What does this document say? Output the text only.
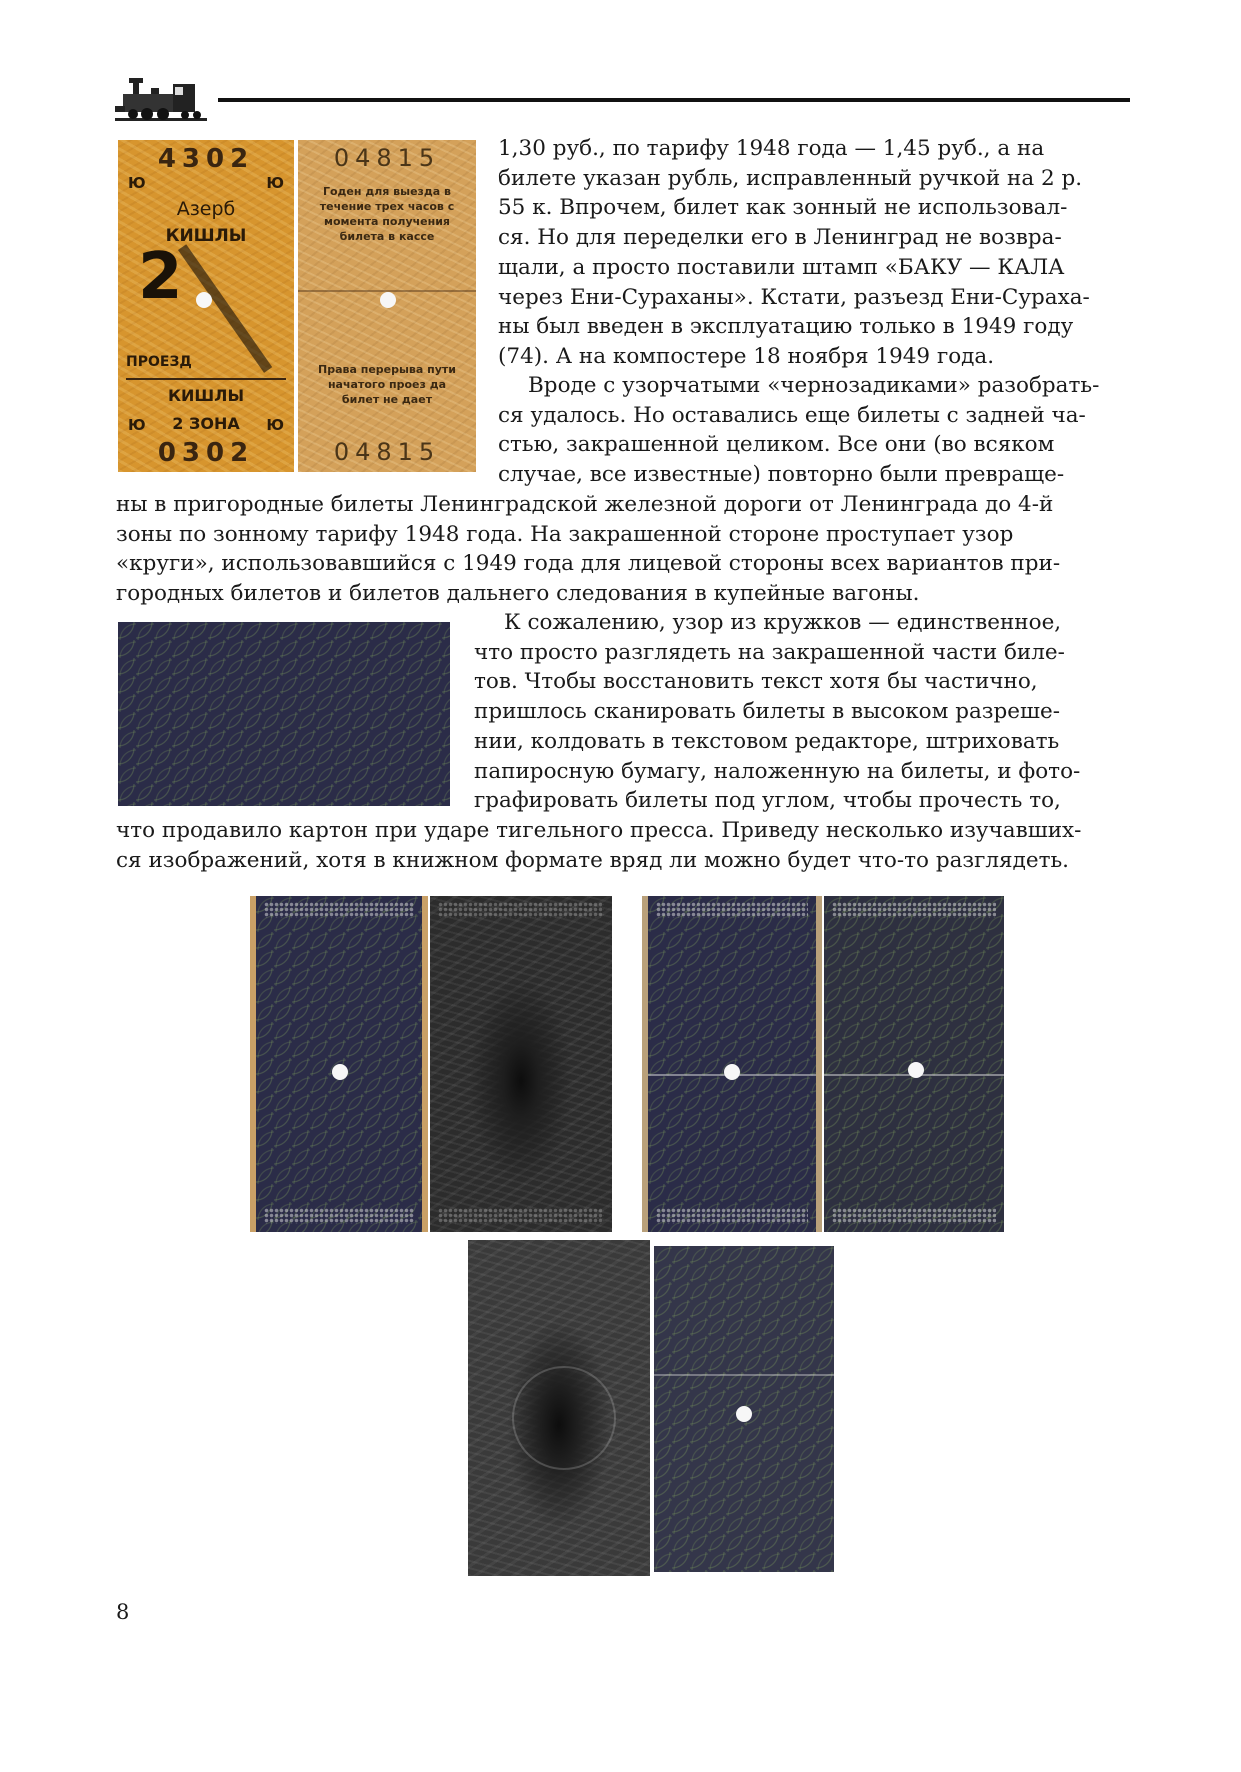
4302
Ю	Ю
Азерб
КИШЛЫ
2
ПРОЕЗД
КИШЛЫ
Ю	2 ЗОНА	Ю
0302
04815
Годен для выезда в течение трех часов с момента получения билета в кассе
Права перерыва пути начатого проез да билет не дает
04815
1,30 руб., по тарифу 1948 года — 1,45 руб., а на
билете указан рубль, исправленный ручкой на 2 р.
55 к. Впрочем, билет как зонный не использовал-
ся. Но для переделки его в Ленинград не возвра-
щали, а просто поставили штамп «БАКУ — КАЛА
через Ени-Сураханы». Кстати, разъезд Ени-Сураха-
ны был введен в эксплуатацию только в 1949 году
(74). А на компостере 18 ноября 1949 года.
Вроде с узорчатыми «чернозадиками» разобрать-
ся удалось. Но оставались еще билеты с задней ча-
стью, закрашенной целиком. Все они (во всяком
случае, все известные) повторно были превраще-
ны в пригородные билеты Ленинградской железной дороги от Ленинграда до 4-й
зоны по зонному тарифу 1948 года. На закрашенной стороне проступает узор
«круги», использовавшийся с 1949 года для лицевой стороны всех вариантов при-
городных билетов и билетов дальнего следования в купейные вагоны.
К сожалению, узор из кружков — единственное,
что просто разглядеть на закрашенной части биле-
тов. Чтобы восстановить текст хотя бы частично,
пришлось сканировать билеты в высоком разреше-
нии, колдовать в текстовом редакторе, штриховать
папиросную бумагу, наложенную на билеты, и фото-
графировать билеты под углом, чтобы прочесть то,
что продавило картон при ударе тигельного пресса. Приведу несколько изучавших-
ся изображений, хотя в книжном формате вряд ли можно будет что-то разглядеть.
8
